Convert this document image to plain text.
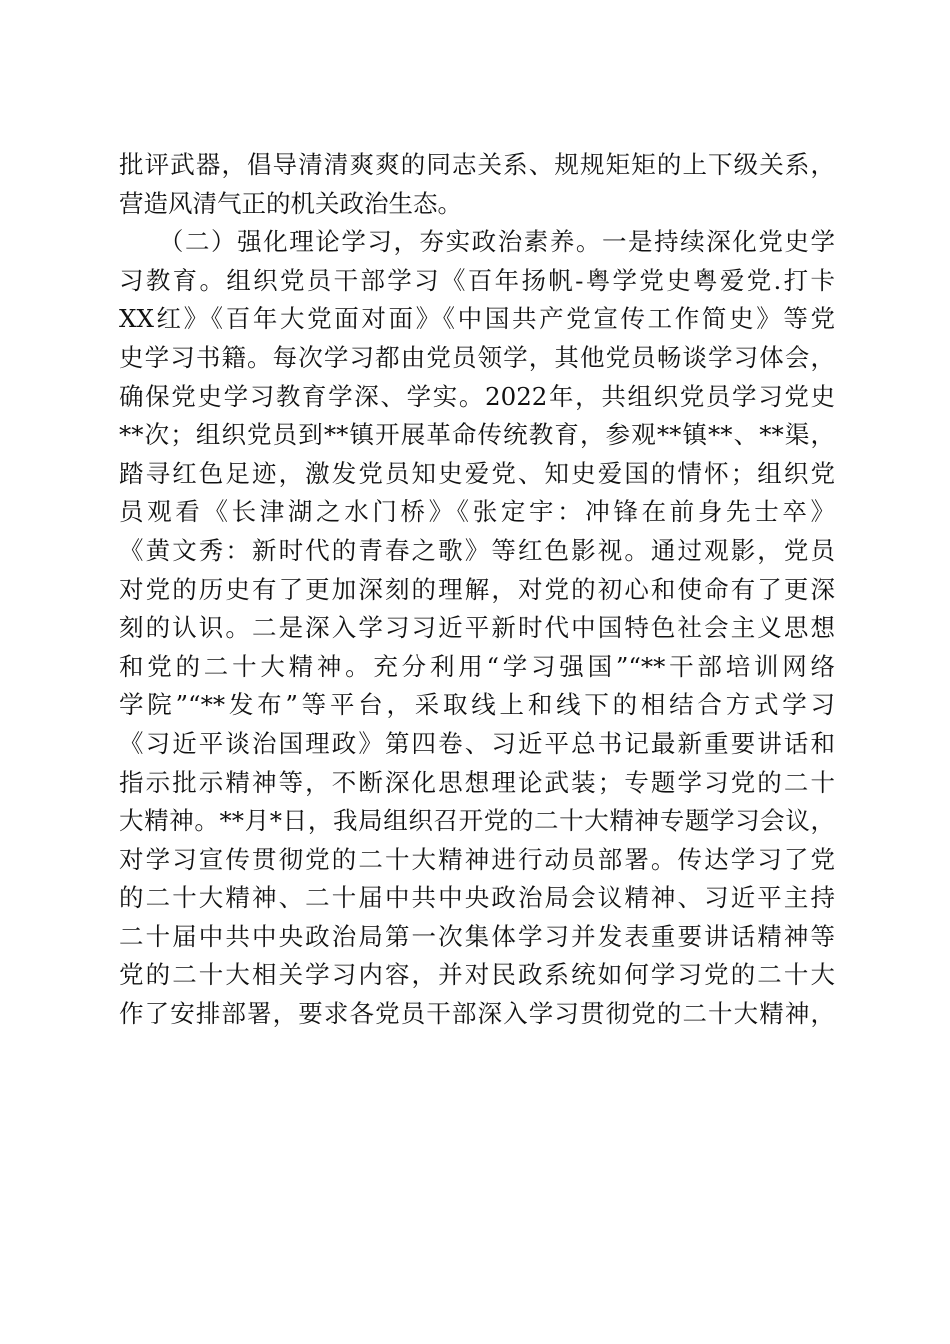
批评武器，倡导清清爽爽的同志关系、规规矩矩的上下级关系，
营造风清气正的机关政治生态。
　　（二）强化理论学习，夯实政治素养。一是持续深化党史学
习教育。组织党员干部学习《百年扬帆-粤学党史粤爱党.打卡
XX红》《百年大党面对面》《中国共产党宣传工作简史》等党
史学习书籍。每次学习都由党员领学，其他党员畅谈学习体会，
确保党史学习教育学深、学实。2022年，共组织党员学习党史
**次；组织党员到**镇开展革命传统教育，参观**镇**、**渠，
踏寻红色足迹，激发党员知史爱党、知史爱国的情怀；组织党
员观看《长津湖之水门桥》《张定宇：冲锋在前身先士卒》
《黄文秀：新时代的青春之歌》等红色影视。通过观影，党员
对党的历史有了更加深刻的理解，对党的初心和使命有了更深
刻的认识。二是深入学习习近平新时代中国特色社会主义思想
和党的二十大精神。充分利用“学习强国”“**干部培训网络
学院”“**发布”等平台，采取线上和线下的相结合方式学习
《习近平谈治国理政》第四卷、习近平总书记最新重要讲话和
指示批示精神等，不断深化思想理论武装；专题学习党的二十
大精神。**月*日，我局组织召开党的二十大精神专题学习会议，
对学习宣传贯彻党的二十大精神进行动员部署。传达学习了党
的二十大精神、二十届中共中央政治局会议精神、习近平主持
二十届中共中央政治局第一次集体学习并发表重要讲话精神等
党的二十大相关学习内容，并对民政系统如何学习党的二十大
作了安排部署，要求各党员干部深入学习贯彻党的二十大精神，
